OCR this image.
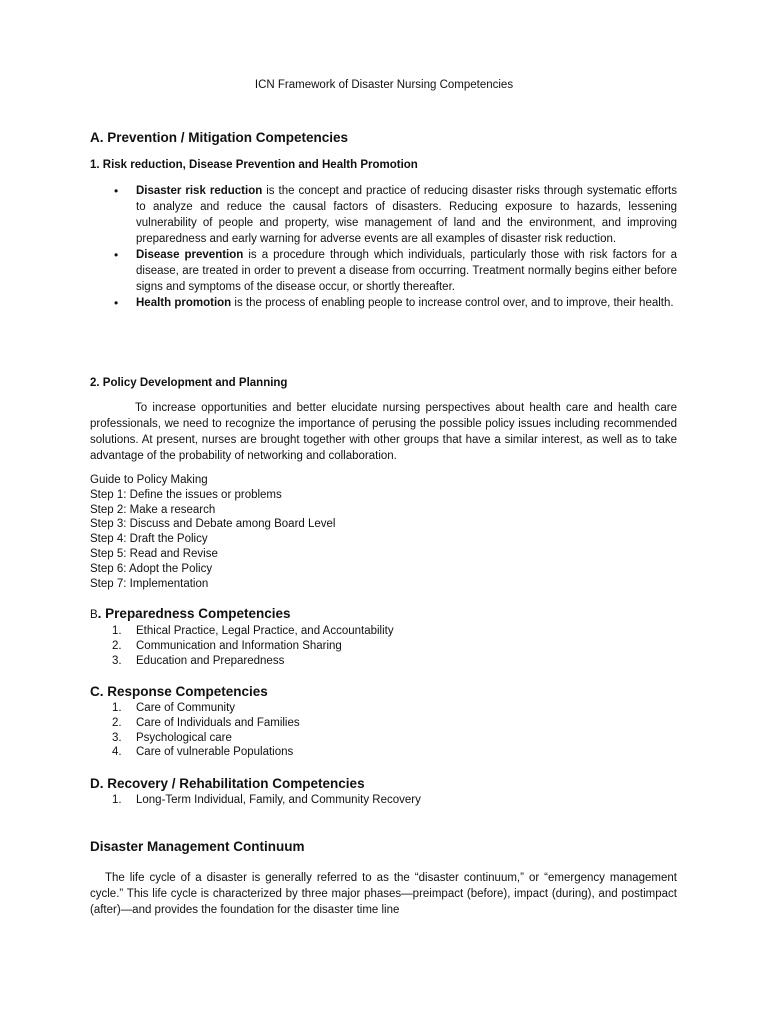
ICN Framework of Disaster Nursing Competencies
A. Prevention / Mitigation Competencies
1. Risk reduction, Disease Prevention and Health Promotion
• Disaster risk reduction is the concept and practice of reducing disaster risks through systematic efforts to analyze and reduce the causal factors of disasters. Reducing exposure to hazards, lessening vulnerability of people and property, wise management of land and the environment, and improving preparedness and early warning for adverse events are all examples of disaster risk reduction.
• Disease prevention is a procedure through which individuals, particularly those with risk factors for a disease, are treated in order to prevent a disease from occurring. Treatment normally begins either before signs and symptoms of the disease occur, or shortly thereafter.
• Health promotion is the process of enabling people to increase control over, and to improve, their health.
2. Policy Development and Planning

To increase opportunities and better elucidate nursing perspectives about health care and health care professionals, we need to recognize the importance of perusing the possible policy issues including recommended solutions. At present, nurses are brought together with other groups that have a similar interest, as well as to take advantage of the probability of networking and collaboration.

Guide to Policy Making
Step 1: Define the issues or problems
Step 2: Make a research
Step 3: Discuss and Debate among Board Level
Step 4: Draft the Policy
Step 5: Read and Revise
Step 6: Adopt the Policy
Step 7: Implementation
B. Preparedness Competencies
1.	Ethical Practice, Legal Practice, and Accountability
2.	Communication and Information Sharing
3.	Education and Preparedness
C. Response Competencies
1.	Care of Community
2.	Care of Individuals and Families
3.	Psychological care
4.	Care of vulnerable Populations
D. Recovery / Rehabilitation Competencies
1.	Long-Term Individual, Family, and Community Recovery
Disaster Management Continuum

The life cycle of a disaster is generally referred to as the “disaster continuum,” or “emergency management cycle.” This life cycle is characterized by three major phases—preimpact (before), impact (during), and postimpact (after)—and provides the foundation for the disaster time line
